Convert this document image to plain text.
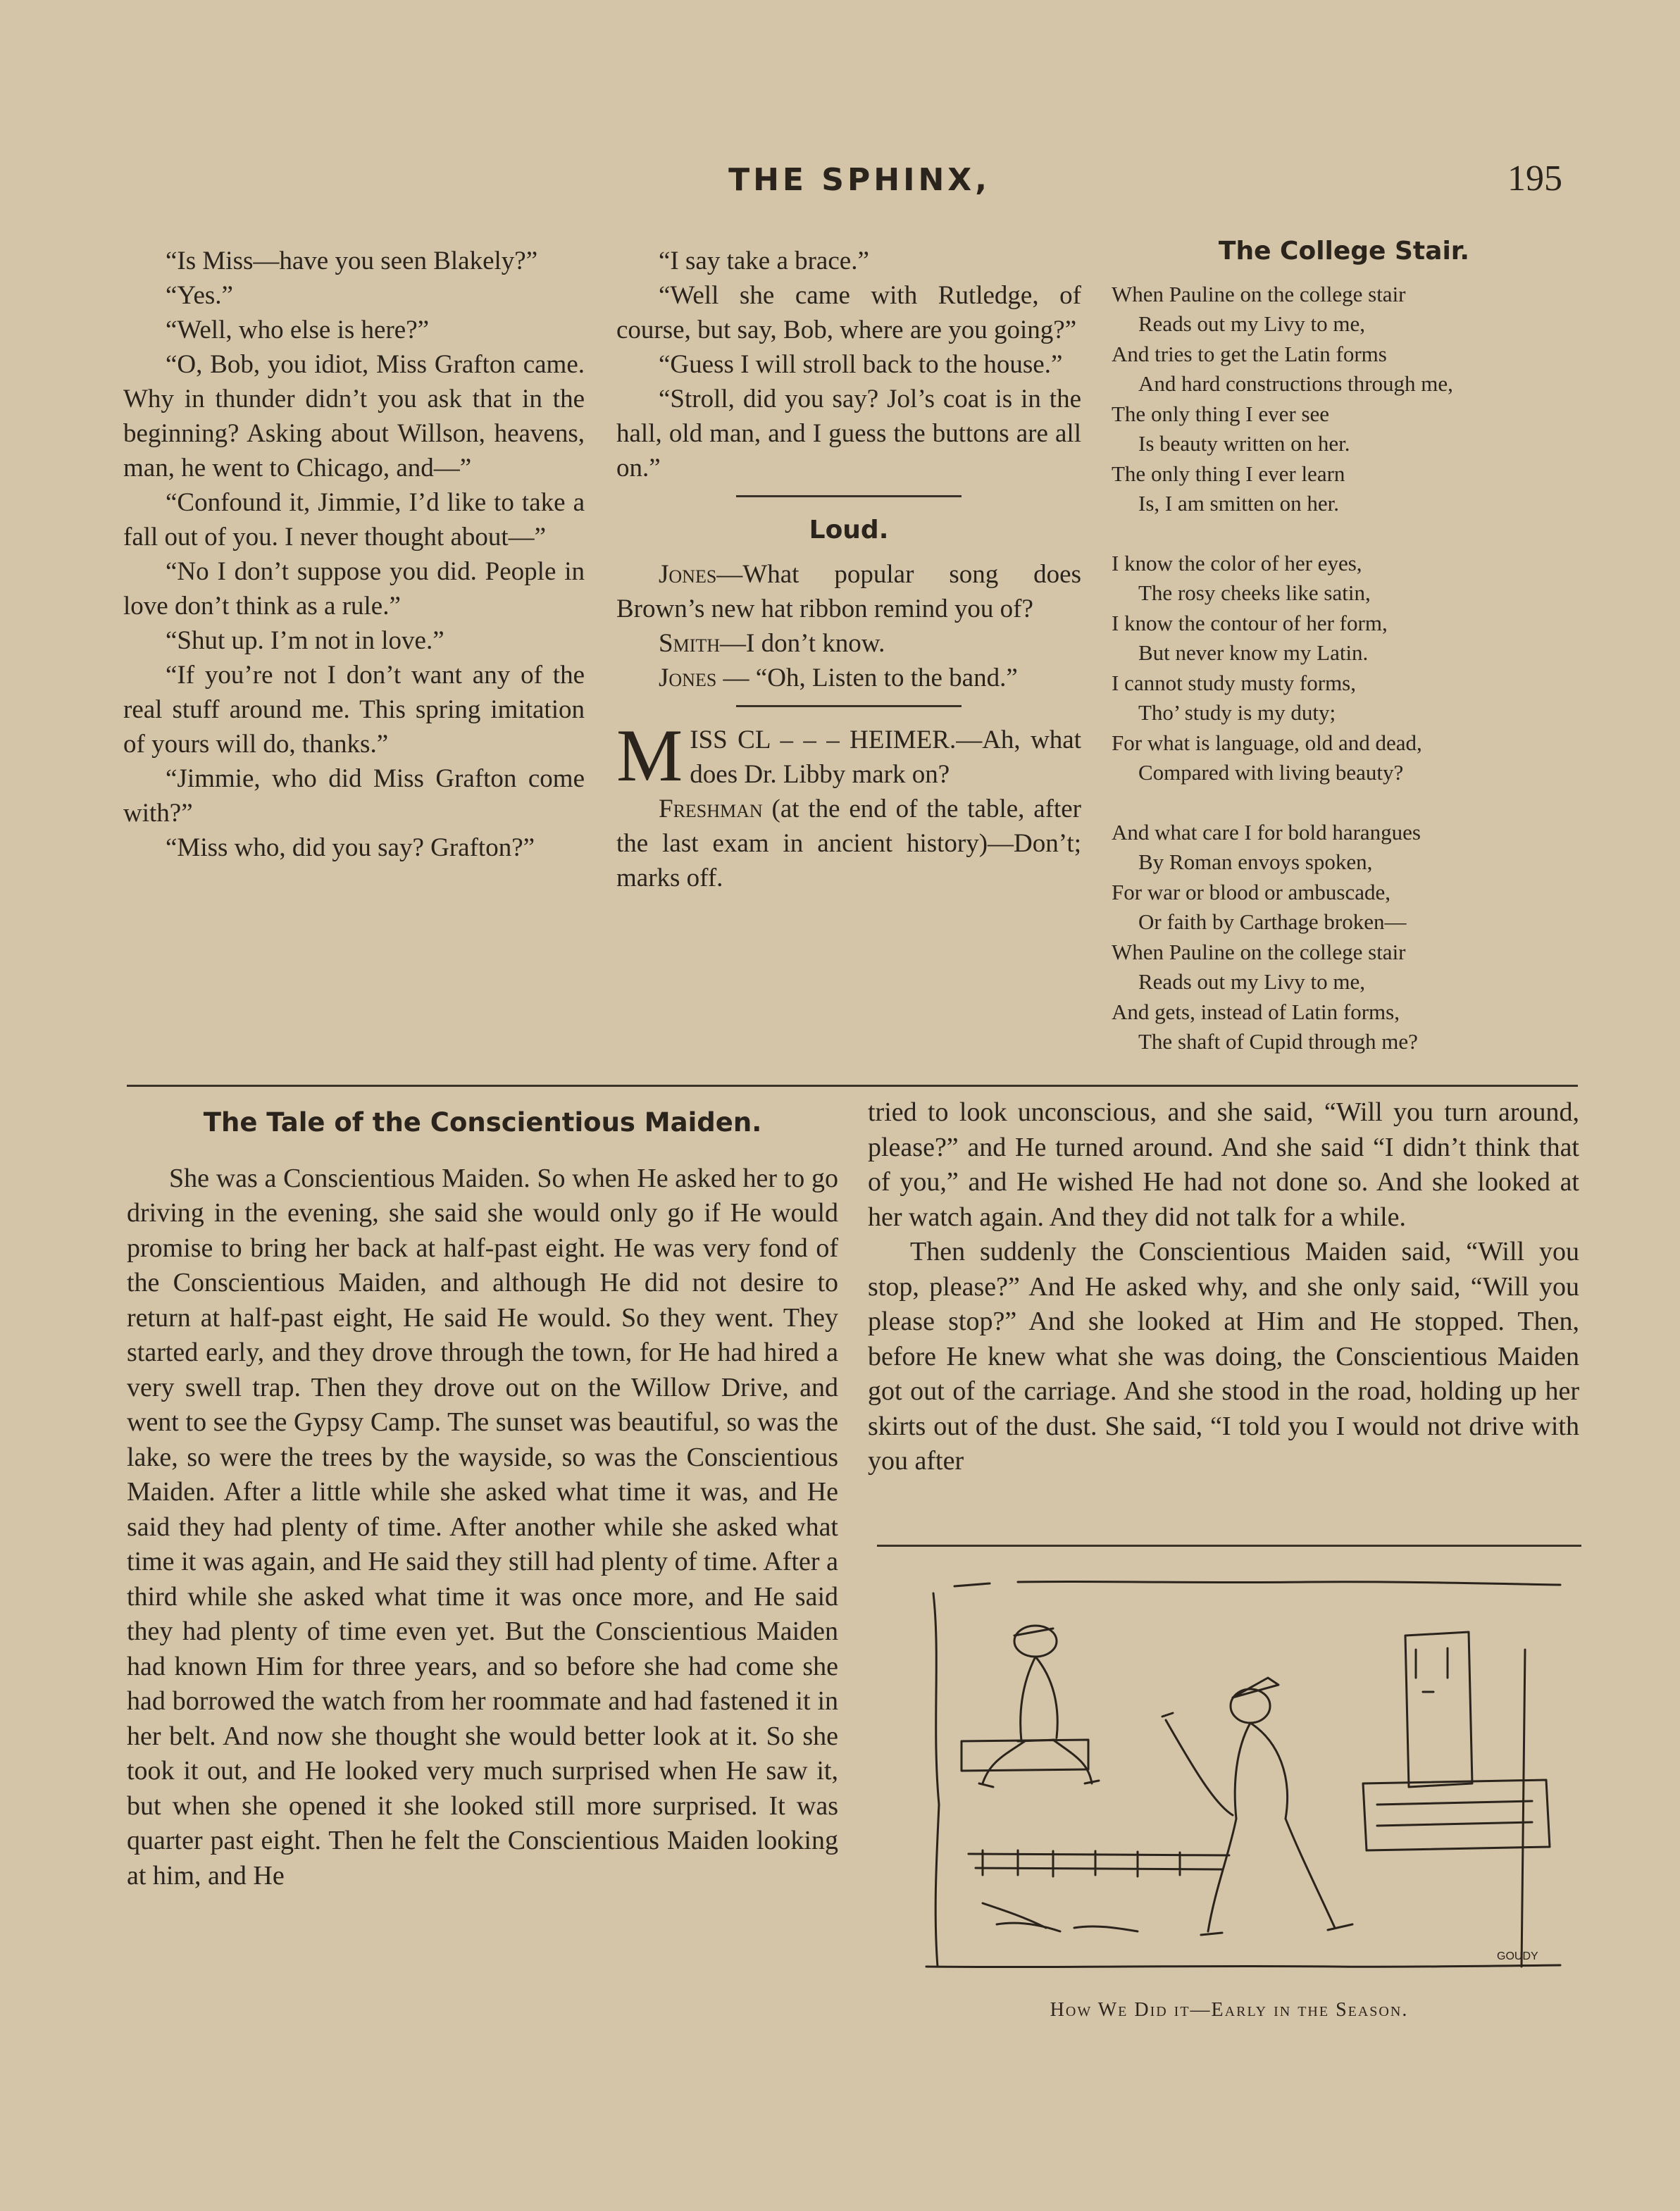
THE SPHINX,	195

“Is Miss—have you seen Blakely?”

“Yes.”

“Well, who else is here?”

“O, Bob, you idiot, Miss Grafton came. Why in thunder didn’t you ask that in the beginning? Asking about Willson, heavens, man, he went to Chicago, and—”

“Confound it, Jimmie, I’d like to take a fall out of you. I never thought about—”

“No I don’t suppose you did. People in love don’t think as a rule.”

“Shut up. I’m not in love.”

“If you’re not I don’t want any of the real stuff around me. This spring imitation of yours will do, thanks.”

“Jimmie, who did Miss Grafton come with?”

“Miss who, did you say? Grafton?”

“I say take a brace.”

“Well she came with Rutledge, of course, but say, Bob, where are you going?”

“Guess I will stroll back to the house.”

“Stroll, did you say? Jol’s coat is in the hall, old man, and I guess the buttons are all on.”

Loud.

Jones—What popular song does Brown’s new hat ribbon remind you of?

Smith—I don’t know.

Jones — “Oh, Listen to the band.”

MISS CL – – – HEIMER.—Ah, what does Dr. Libby mark on?

Freshman (at the end of the table, after the last exam in ancient history)—Don’t; marks off.

The College Stair.
When Pauline on the college stair
Reads out my Livy to me,
And tries to get the Latin forms
And hard constructions through me,
The only thing I ever see
Is beauty written on her.
The only thing I ever learn
Is, I am smitten on her.
I know the color of her eyes,
The rosy cheeks like satin,
I know the contour of her form,
But never know my Latin.
I cannot study musty forms,
Tho’ study is my duty;
For what is language, old and dead,
Compared with living beauty?
And what care I for bold harangues
By Roman envoys spoken,
For war or blood or ambuscade,
Or faith by Carthage broken—
When Pauline on the college stair
Reads out my Livy to me,
And gets, instead of Latin forms,
The shaft of Cupid through me?
The Tale of the Conscientious Maiden.

She was a Conscientious Maiden. So when He asked her to go driving in the evening, she said she would only go if He would promise to bring her back at half-past eight. He was very fond of the Conscientious Maiden, and although He did not desire to return at half-past eight, He said He would. So they went. They started early, and they drove through the town, for He had hired a very swell trap. Then they drove out on the Willow Drive, and went to see the Gypsy Camp. The sunset was beautiful, so was the lake, so were the trees by the wayside, so was the Conscientious Maiden. After a little while she asked what time it was, and He said they had plenty of time. After another while she asked what time it was again, and He said they still had plenty of time. After a third while she asked what time it was once more, and He said they had plenty of time even yet. But the Conscientious Maiden had known Him for three years, and so before she had come she had borrowed the watch from her roommate and had fastened it in her belt. And now she thought she would better look at it. So she took it out, and He looked very much surprised when He saw it, but when she opened it she looked still more surprised. It was quarter past eight. Then he felt the Conscientious Maiden looking at him, and He

tried to look unconscious, and she said, “Will you turn around, please?” and He turned around. And she said “I didn’t think that of you,” and He wished He had not done so. And she looked at her watch again. And they did not talk for a while.

Then suddenly the Conscientious Maiden said, “Will you stop, please?” And He asked why, and she only said, “Will you please stop?” And she looked at Him and He stopped. Then, before He knew what she was doing, the Conscientious Maiden got out of the carriage. And she stood in the road, holding up her skirts out of the dust. She said, “I told you I would not drive with you after

GOUDY
How We Did it—Early in the Season.
